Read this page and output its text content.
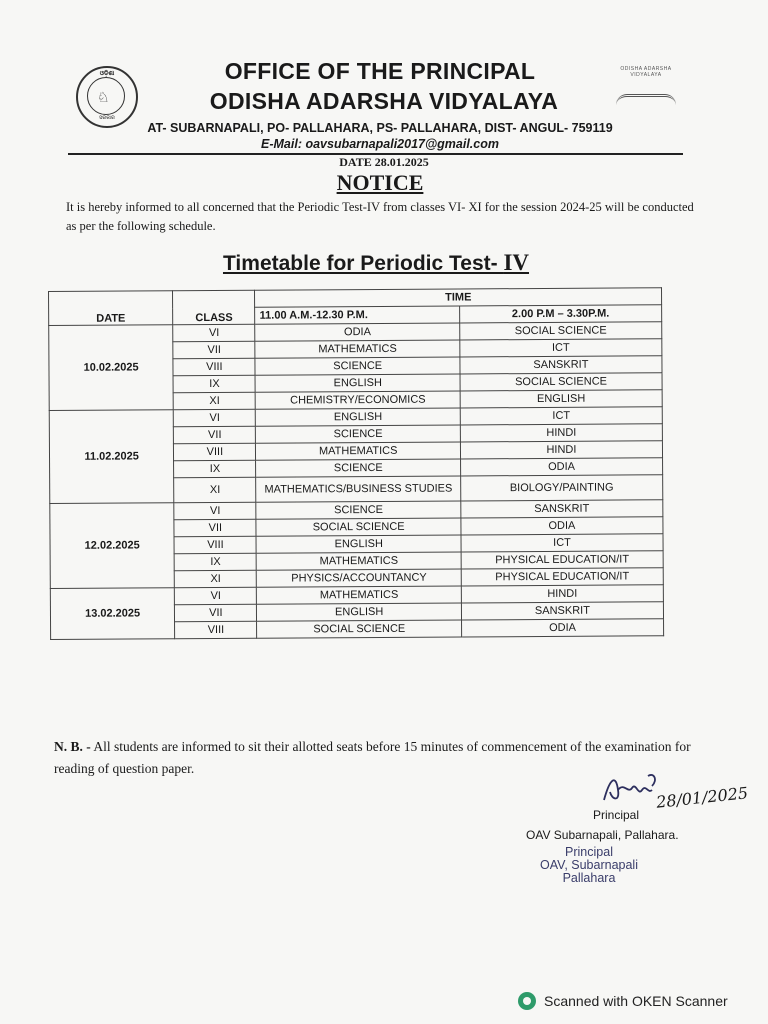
ଓଡ଼ିଶା
♘
ସରକାର
ODISHA ADARSHA VIDYALAYA
OFFICE OF THE PRINCIPAL
ODISHA ADARSHA VIDYALAYA
AT- SUBARNAPALI, PO- PALLAHARA, PS- PALLAHARA, DIST- ANGUL- 759119
E-Mail: oavsubarnapali2017@gmail.com
DATE 28.01.2025
NOTICE
It is hereby informed to all concerned that the Periodic Test-IV from classes VI- XI for the session 2024-25 will be conducted as per the following schedule.
Timetable for Periodic Test- IV
DATE	CLASS	TIME	
		11.00 A.M.-12.30 P.M.	2.00 P.M – 3.30P.M.
10.02.2025	VI	ODIA	SOCIAL SCIENCE
	VII	MATHEMATICS	ICT
	VIII	SCIENCE	SANSKRIT
	IX	ENGLISH	SOCIAL SCIENCE
	XI	CHEMISTRY/ECONOMICS	ENGLISH
11.02.2025	VI	ENGLISH	ICT
	VII	SCIENCE	HINDI
	VIII	MATHEMATICS	HINDI
	IX	SCIENCE	ODIA
	XI	MATHEMATICS/BUSINESS STUDIES	BIOLOGY/PAINTING
12.02.2025	VI	SCIENCE	SANSKRIT
	VII	SOCIAL SCIENCE	ODIA
	VIII	ENGLISH	ICT
	IX	MATHEMATICS	PHYSICAL EDUCATION/IT
	XI	PHYSICS/ACCOUNTANCY	PHYSICAL EDUCATION/IT
13.02.2025	VI	MATHEMATICS	HINDI
	VII	ENGLISH	SANSKRIT
	VIII	SOCIAL SCIENCE	ODIA
N. B. - All students are informed to sit their allotted seats before 15 minutes of commencement of the examination for reading of question paper.
28/01/2025
Principal
OAV Subarnapali, Pallahara.
Principal
OAV, Subarnapali
Pallahara
Scanned with OKEN Scanner
